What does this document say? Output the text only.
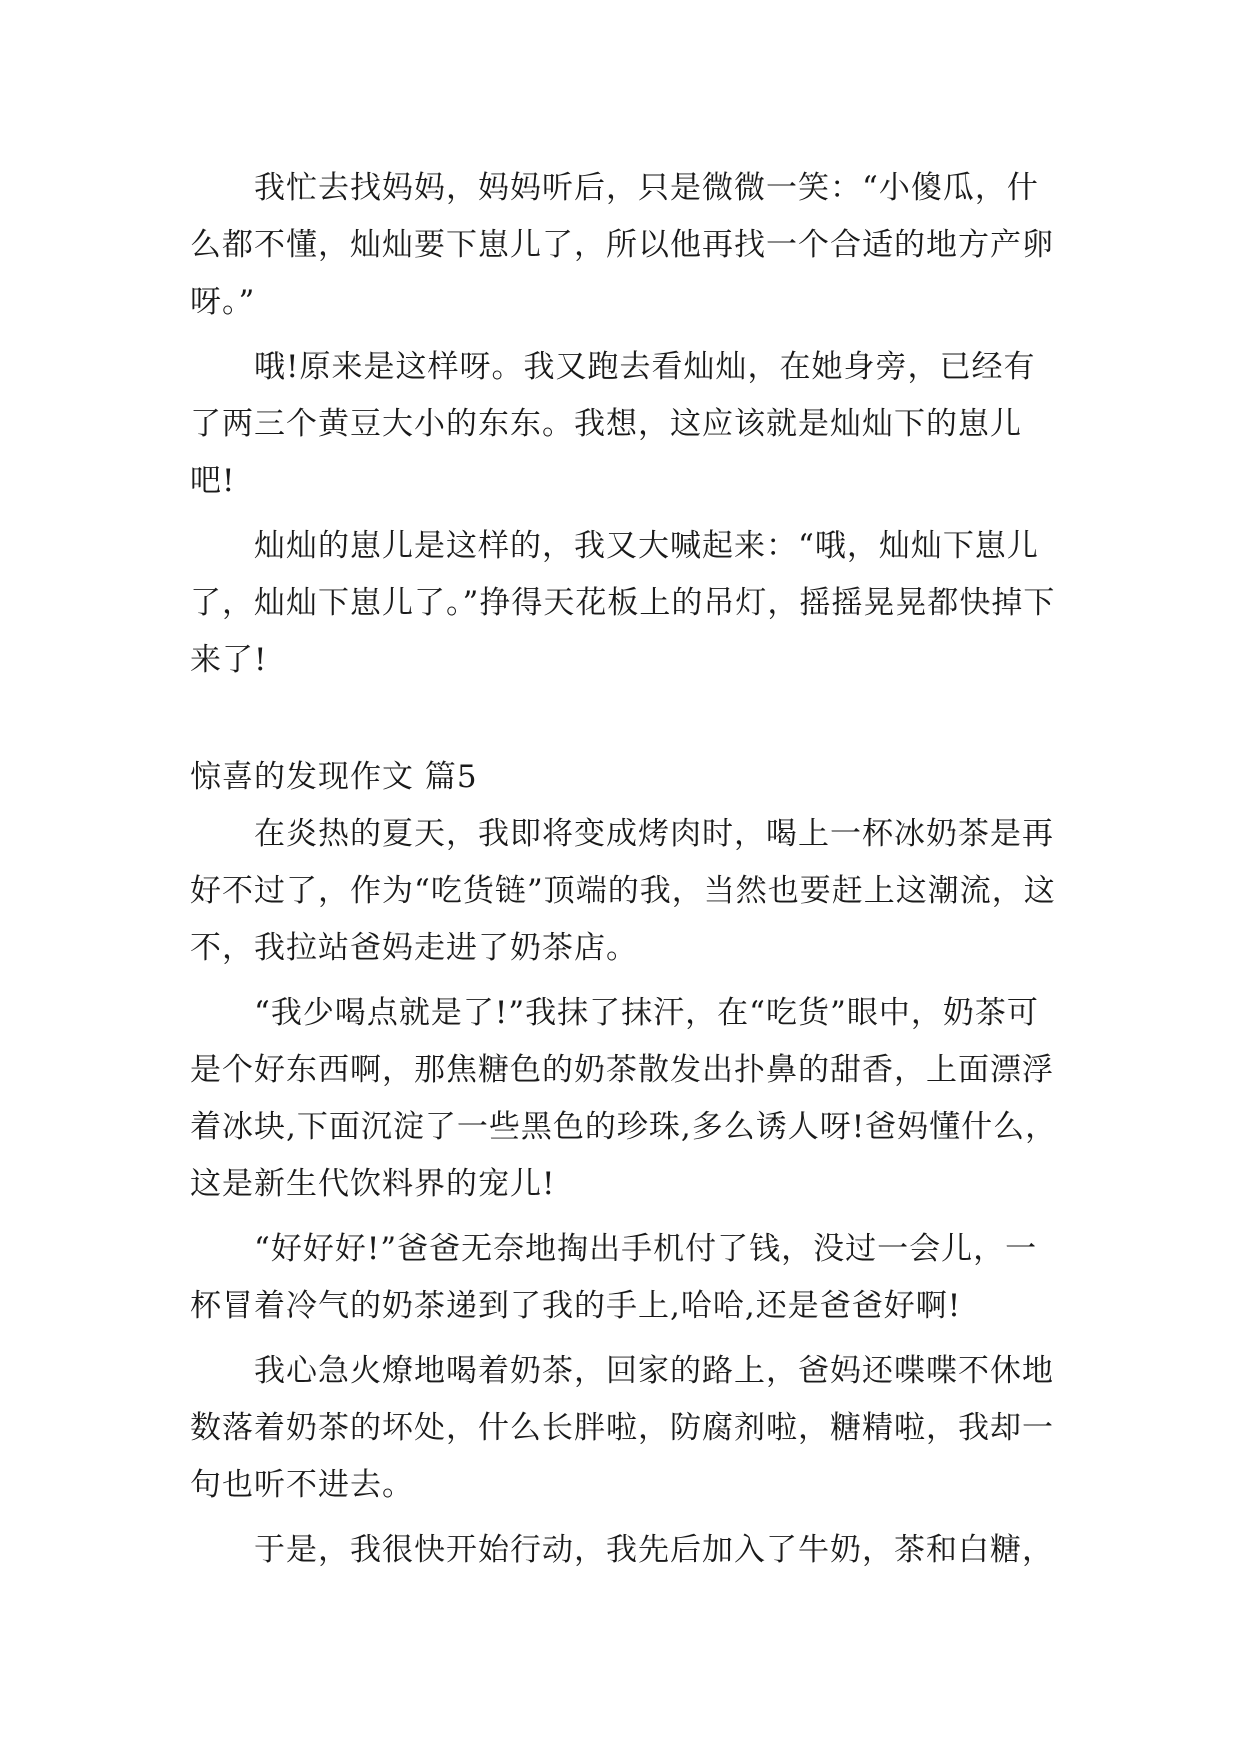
我忙去找妈妈，妈妈听后，只是微微一笑：“小傻瓜，什么都不懂，灿灿要下崽儿了，所以他再找一个合适的地方产卵呀。”

哦!原来是这样呀。我又跑去看灿灿，在她身旁，已经有了两三个黄豆大小的东东。我想，这应该就是灿灿下的崽儿吧!

灿灿的崽儿是这样的，我又大喊起来：“哦，灿灿下崽儿了，灿灿下崽儿了。”挣得天花板上的吊灯，摇摇晃晃都快掉下来了!

惊喜的发现作文 篇5

在炎热的夏天，我即将变成烤肉时，喝上一杯冰奶茶是再好不过了，作为“吃货链”顶端的我，当然也要赶上这潮流，这不，我拉站爸妈走进了奶茶店。

“我少喝点就是了!”我抹了抹汗，在“吃货”眼中，奶茶可是个好东西啊，那焦糖色的奶茶散发出扑鼻的甜香，上面漂浮着冰块,下面沉淀了一些黑色的珍珠,多么诱人呀!爸妈懂什么，这是新生代饮料界的宠儿!

“好好好!”爸爸无奈地掏出手机付了钱，没过一会儿，一杯冒着冷气的奶茶递到了我的手上,哈哈,还是爸爸好啊!

我心急火燎地喝着奶茶，回家的路上，爸妈还喋喋不休地数落着奶茶的坏处，什么长胖啦，防腐剂啦，糖精啦，我却一句也听不进去。

于是，我很快开始行动，我先后加入了牛奶，茶和白糖，
